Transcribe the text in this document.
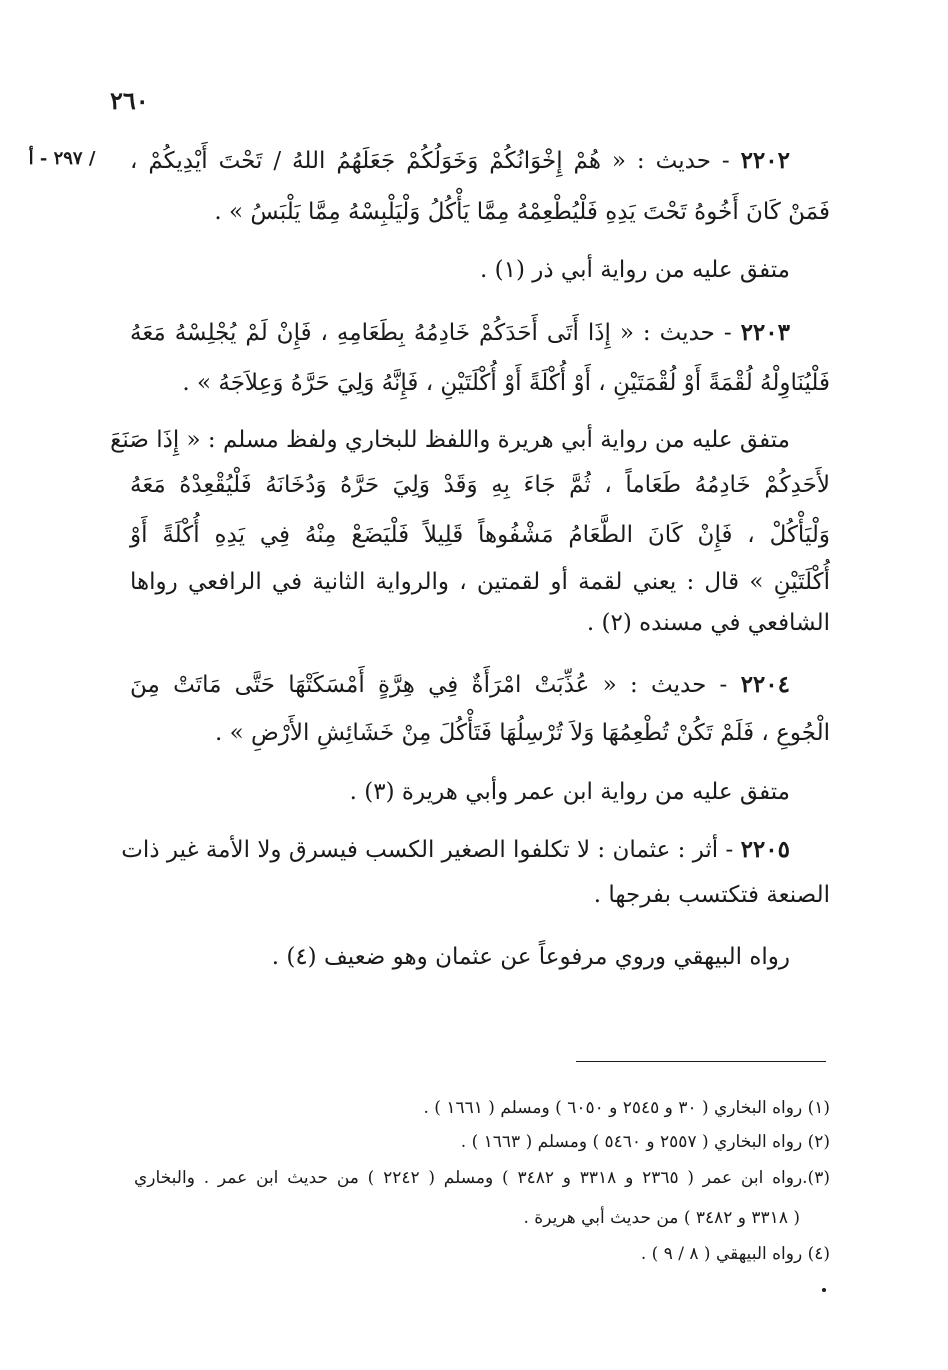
٢٦٠
/ ٢٩٧ - أ	٢٢٠٢ - حديث : « هُمْ إِخْوَانُكُمْ وَخَوَلُكُمْ جَعَلَهُمُ اللهُ / تَحْتَ أَيْدِيكُمْ ،
فَمَنْ كَانَ أَخُوهُ تَحْتَ يَدِهِ فَلْيُطْعِمْهُ مِمَّا يَأْكُلُ وَلْيَلْبِسْهُ مِمَّا يَلْبَسُ » .
متفق عليه من رواية أبي ذر (١) .
٢٢٠٣ - حديث : « إِذَا أَتَى أَحَدَكُمْ خَادِمُهُ بِطَعَامِهِ ، فَإِنْ لَمْ يُجْلِسْهُ مَعَهُ
فَلْيُنَاوِلْهُ لُقْمَةً أَوْ لُقْمَتَيْنِ ، أَوْ أُكْلَةً أَوْ أُكْلَتَيْنِ ، فَإِنَّهُ وَلِيَ حَرَّهُ وَعِلاَجَهُ » .
متفق عليه من رواية أبي هريرة واللفظ للبخاري ولفظ مسلم : « إِذَا صَنَعَ
لأَحَدِكُمْ خَادِمُهُ طَعَاماً ، ثُمَّ جَاءَ بِهِ وَقَدْ وَلِيَ حَرَّهُ وَدُخَانَهُ فَلْيُقْعِدْهُ مَعَهُ
وَلْيَأْكُلْ ، فَإِنْ كَانَ الطَّعَامُ مَشْفُوهاً قَلِيلاً فَلْيَضَعْ مِنْهُ فِي يَدِهِ أُكْلَةً أَوْ
أُكْلَتَيْنِ » قال : يعني لقمة أو لقمتين ، والرواية الثانية في الرافعي رواها
الشافعي في مسنده (٢) .
٢٢٠٤ - حديث : « عُذِّبَتْ امْرَأَةٌ فِي هِرَّةٍ أَمْسَكَتْهَا حَتَّى مَاتَتْ مِنَ
الْجُوعِ ، فَلَمْ تَكُنْ تُطْعِمُهَا وَلاَ تُرْسِلُهَا فَتَأْكُلَ مِنْ خَشَائِشِ الأَرْضِ » .
متفق عليه من رواية ابن عمر وأبي هريرة (٣) .
٢٢٠٥ - أثر : عثمان : لا تكلفوا الصغير الكسب فيسرق ولا الأمة غير ذات
الصنعة فتكتسب بفرجها .
رواه البيهقي وروي مرفوعاً عن عثمان وهو ضعيف (٤) .
(١) رواه البخاري ( ٣٠ و ٢٥٤٥ و ٦٠٥٠ ) ومسلم ( ١٦٦١ ) .
(٢) رواه البخاري ( ٢٥٥٧ و ٥٤٦٠ ) ومسلم ( ١٦٦٣ ) .
(٣).رواه ابن عمر ( ٢٣٦٥ و ٣٣١٨ و ٣٤٨٢ ) ومسلم ( ٢٢٤٢ ) من حديث ابن عمر . والبخاري
( ٣٣١٨ و ٣٤٨٢ ) من حديث أبي هريرة .
(٤) رواه البيهقي ( ٨ / ٩ ) .
